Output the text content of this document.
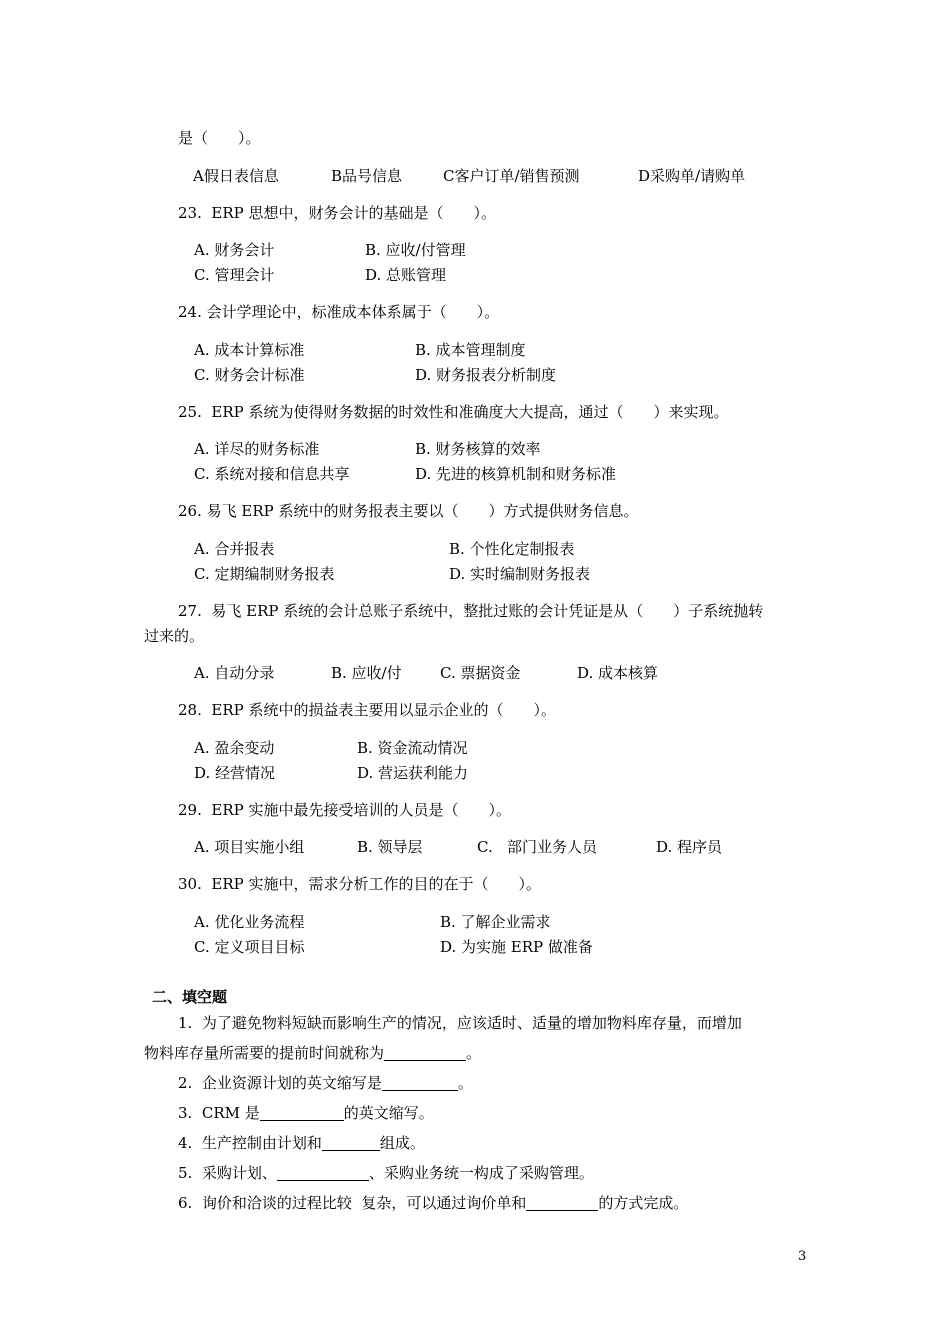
是（　　）。
A假日表信息	B品号信息	C客户订单/销售预测	D采购单/请购单
23.  ERP 思想中，财务会计的基础是（　　）。
A. 财务会计	B. 应收/付管理
C. 管理会计	D. 总账管理
24. 会计学理论中，标准成本体系属于（　　）。
A. 成本计算标准	B. 成本管理制度
C. 财务会计标准	D. 财务报表分析制度
25.  ERP 系统为使得财务数据的时效性和准确度大大提高，通过（　　）来实现。
A. 详尽的财务标准	B. 财务核算的效率
C. 系统对接和信息共享	D. 先进的核算机制和财务标准
26. 易飞 ERP 系统中的财务报表主要以（　　）方式提供财务信息。
A. 合并报表	B. 个性化定制报表
C. 定期编制财务报表	D. 实时编制财务报表
27.  易飞 ERP 系统的会计总账子系统中，整批过账的会计凭证是从（　　）子系统抛转
过来的。
A. 自动分录	B. 应收/付	C. 票据资金	D. 成本核算
28.  ERP 系统中的损益表主要用以显示企业的（　　）。
A. 盈余变动	B. 资金流动情况
D. 经营情况	D. 营运获利能力
29.  ERP 实施中最先接受培训的人员是（　　）。
A. 项目实施小组	B. 领导层	C.   部门业务人员	D. 程序员
30.  ERP 实施中，需求分析工作的目的在于（　　）。
A. 优化业务流程	B. 了解企业需求
C. 定义项目目标	D. 为实施 ERP 做准备
二、填空题
1.  为了避免物料短缺而影响生产的情况，应该适时、适量的增加物料库存量，而增加
物料库存量所需要的提前时间就称为	。
2.  企业资源计划的英文缩写是	。
3.  CRM 是	的英文缩写。
4.  生产控制由计划和	组成。
5.  采购计划、	、采购业务统一构成了采购管理。
6.  询价和洽谈的过程比较  复杂，可以通过询价单和	的方式完成。
3
